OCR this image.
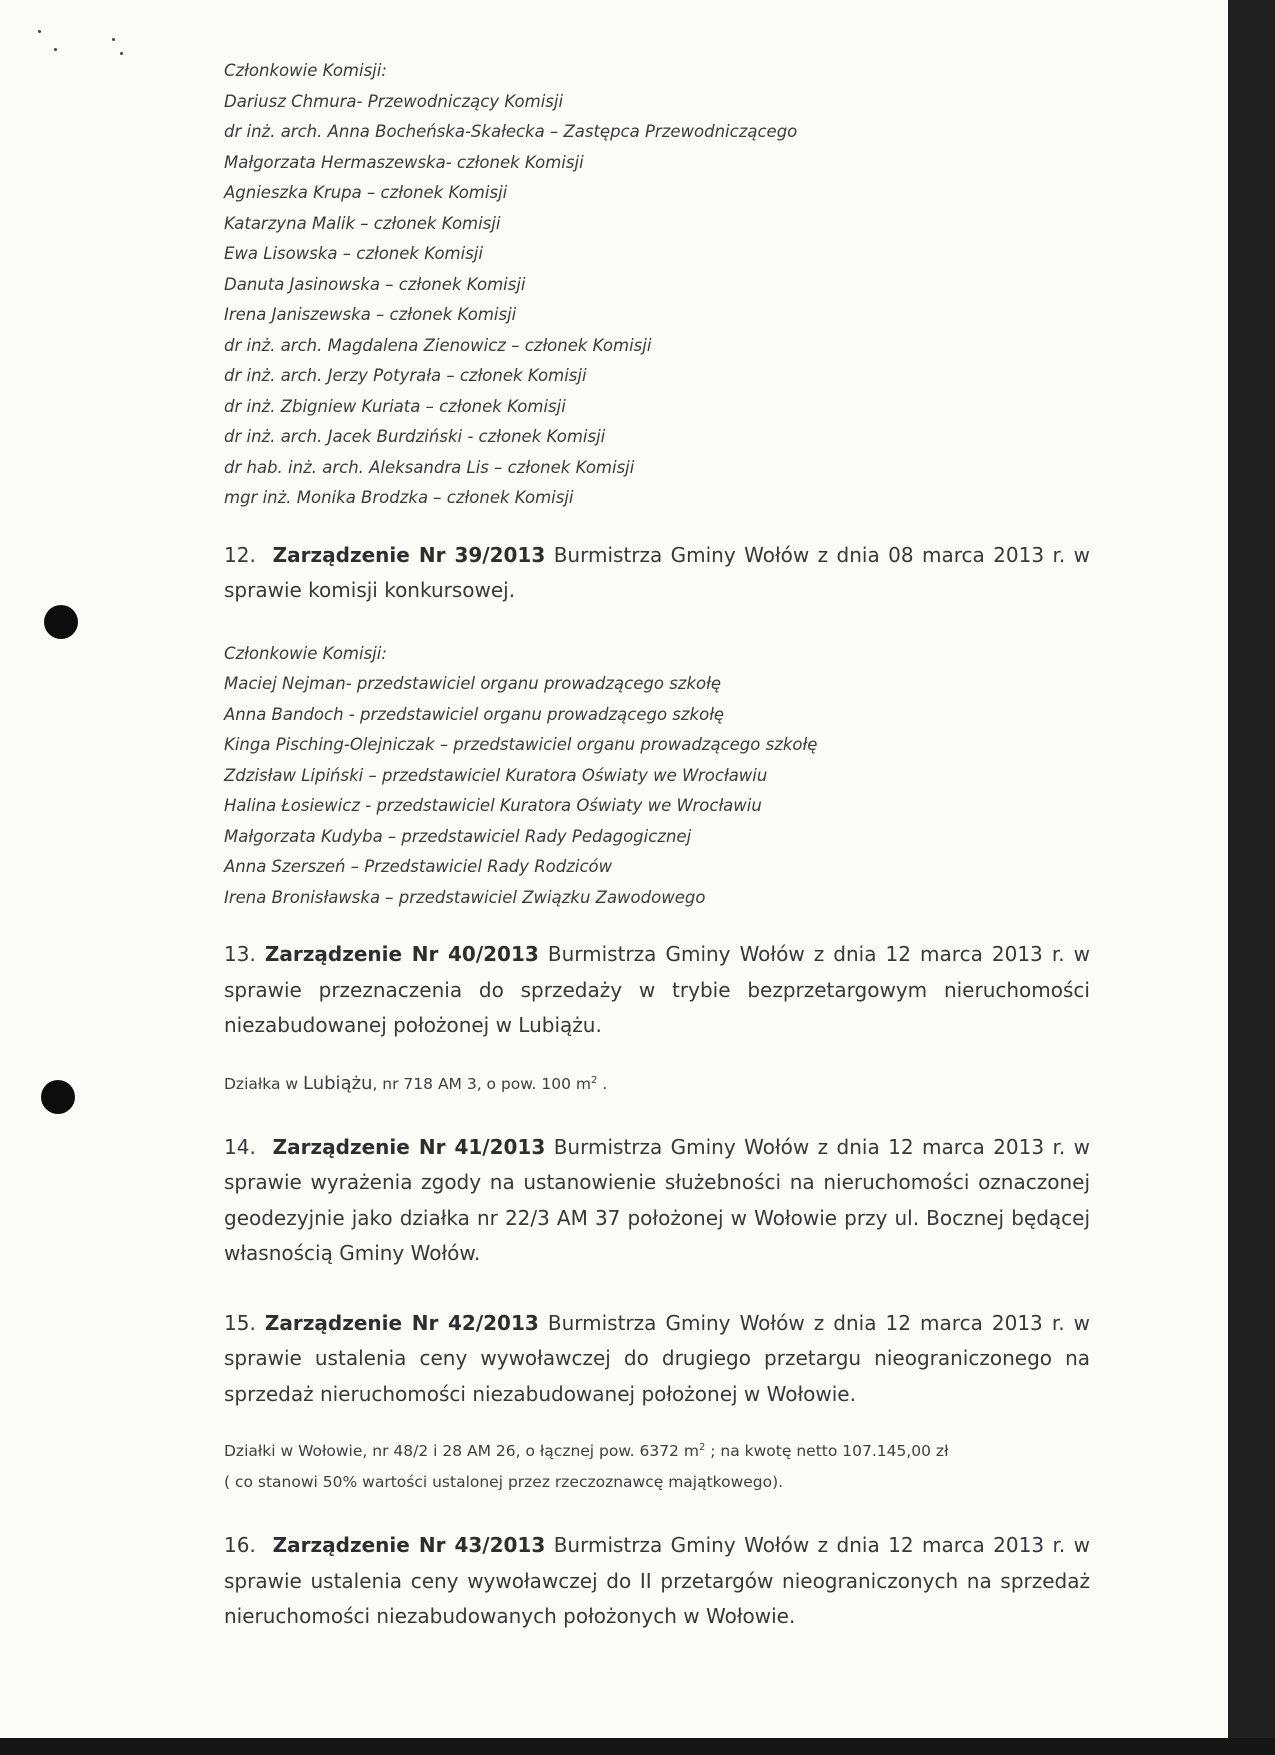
Członkowie Komisji:
Dariusz Chmura- Przewodniczący Komisji
dr inż. arch. Anna Bocheńska-Skałecka – Zastępca Przewodniczącego
Małgorzata Hermaszewska- członek Komisji
Agnieszka Krupa – członek Komisji
Katarzyna Malik – członek Komisji
Ewa Lisowska – członek Komisji
Danuta Jasinowska – członek Komisji
Irena Janiszewska – członek Komisji
dr inż. arch. Magdalena Zienowicz – członek Komisji
dr inż. arch. Jerzy Potyrała – członek Komisji
dr inż. Zbigniew Kuriata – członek Komisji
dr inż. arch. Jacek Burdziński - członek Komisji
dr hab. inż. arch. Aleksandra Lis – członek Komisji
mgr inż. Monika Brodzka – członek Komisji
12. Zarządzenie Nr 39/2013 Burmistrza Gminy Wołów z dnia 08 marca 2013 r. w sprawie komisji konkursowej.
Członkowie Komisji:
Maciej Nejman- przedstawiciel organu prowadzącego szkołę
Anna Bandoch - przedstawiciel organu prowadzącego szkołę
Kinga Pisching-Olejniczak – przedstawiciel organu prowadzącego szkołę
Zdzisław Lipiński – przedstawiciel Kuratora Oświaty we Wrocławiu
Halina Łosiewicz - przedstawiciel Kuratora Oświaty we Wrocławiu
Małgorzata Kudyba – przedstawiciel Rady Pedagogicznej
Anna Szerszeń – Przedstawiciel Rady Rodziców
Irena Bronisławska – przedstawiciel Związku Zawodowego
13. Zarządzenie Nr 40/2013 Burmistrza Gminy Wołów z dnia 12 marca 2013 r. w sprawie przeznaczenia do sprzedaży w trybie bezprzetargowym nieruchomości niezabudowanej położonej w Lubiążu.
Działka w Lubiążu, nr 718 AM 3, o pow. 100 $m^2$ .
14. Zarządzenie Nr 41/2013 Burmistrza Gminy Wołów z dnia 12 marca 2013 r. w sprawie wyrażenia zgody na ustanowienie służebności na nieruchomości oznaczonej geodezyjnie jako działka nr 22/3 AM 37 położonej w Wołowie przy ul. Bocznej będącej własnością Gminy Wołów.
15. Zarządzenie Nr 42/2013 Burmistrza Gminy Wołów z dnia 12 marca 2013 r. w sprawie ustalenia ceny wywoławczej do drugiego przetargu nieograniczonego na sprzedaż nieruchomości niezabudowanej położonej w Wołowie.
Działki w Wołowie, nr 48/2 i 28 AM 26, o łącznej pow. 6372 $m^2$ ; na kwotę netto 107.145,00 zł
( co stanowi 50% wartości ustalonej przez rzeczoznawcę majątkowego).
16. Zarządzenie Nr 43/2013 Burmistrza Gminy Wołów z dnia 12 marca 2013 r. w sprawie ustalenia ceny wywoławczej do II przetargów nieograniczonych na sprzedaż nieruchomości niezabudowanych położonych w Wołowie.
